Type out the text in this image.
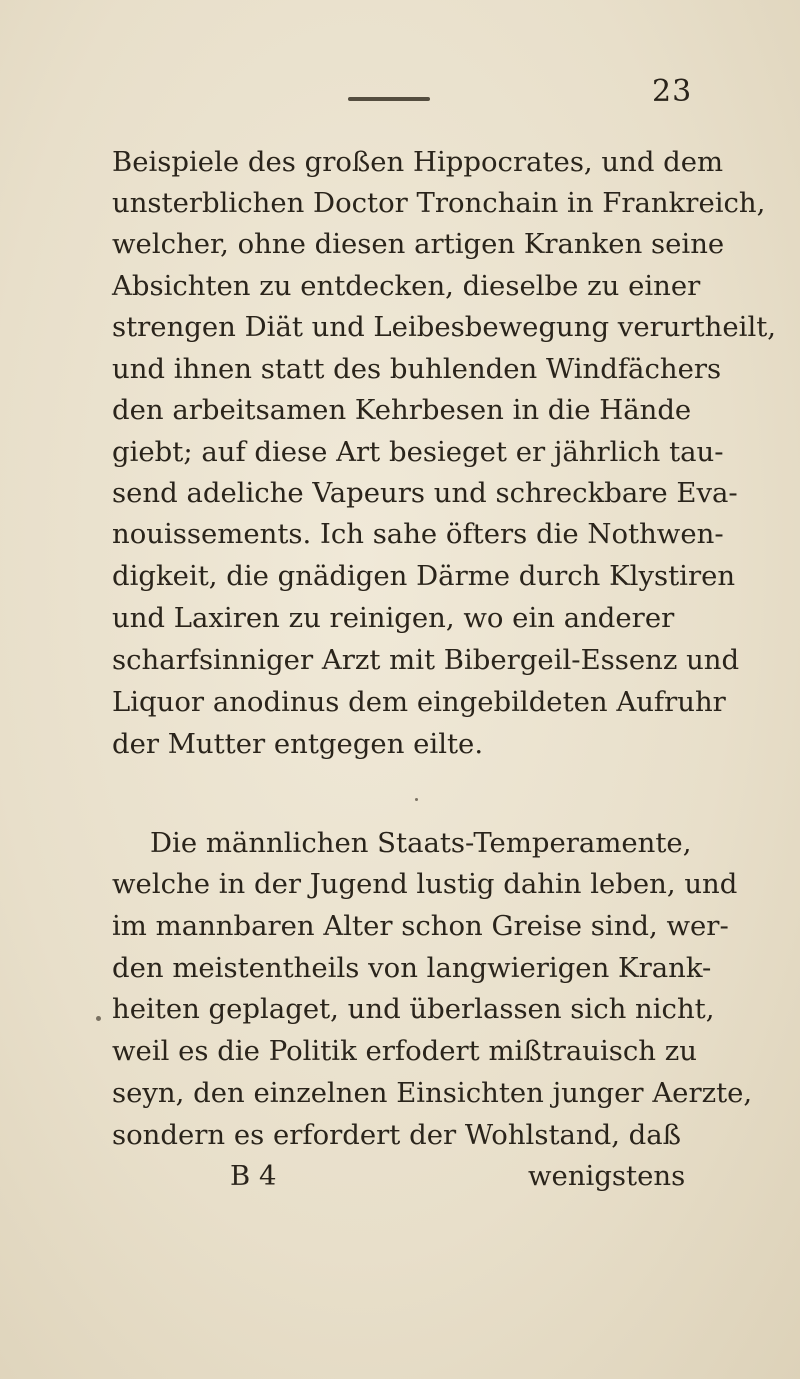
23
Beispiele des großen Hippocrates, und dem
unsterblichen Doctor Tronchain in Frankreich,
welcher, ohne diesen artigen Kranken seine
Absichten zu entdecken, dieselbe zu einer
strengen Diät und Leibesbewegung verurtheilt,
und ihnen statt des buhlenden Windfächers
den arbeitsamen Kehrbesen in die Hände
giebt; auf diese Art besieget er jährlich tau-
send adeliche Vapeurs und schreckbare Eva-
nouissements. Ich sahe öfters die Nothwen-
digkeit, die gnädigen Därme durch Klystiren
und Laxiren zu reinigen, wo ein anderer
scharfsinniger Arzt mit Bibergeil-Essenz und
Liquor anodinus dem eingebildeten Aufruhr
der Mutter entgegen eilte.
Die männlichen Staats-Temperamente,
welche in der Jugend lustig dahin leben, und
im mannbaren Alter schon Greise sind, wer-
den meistentheils von langwierigen Krank-
heiten geplaget, und überlassen sich nicht,
weil es die Politik erfodert mißtrauisch zu
seyn, den einzelnen Einsichten junger Aerzte,
sondern es erfordert der Wohlstand, daß
B 4	wenigstens
